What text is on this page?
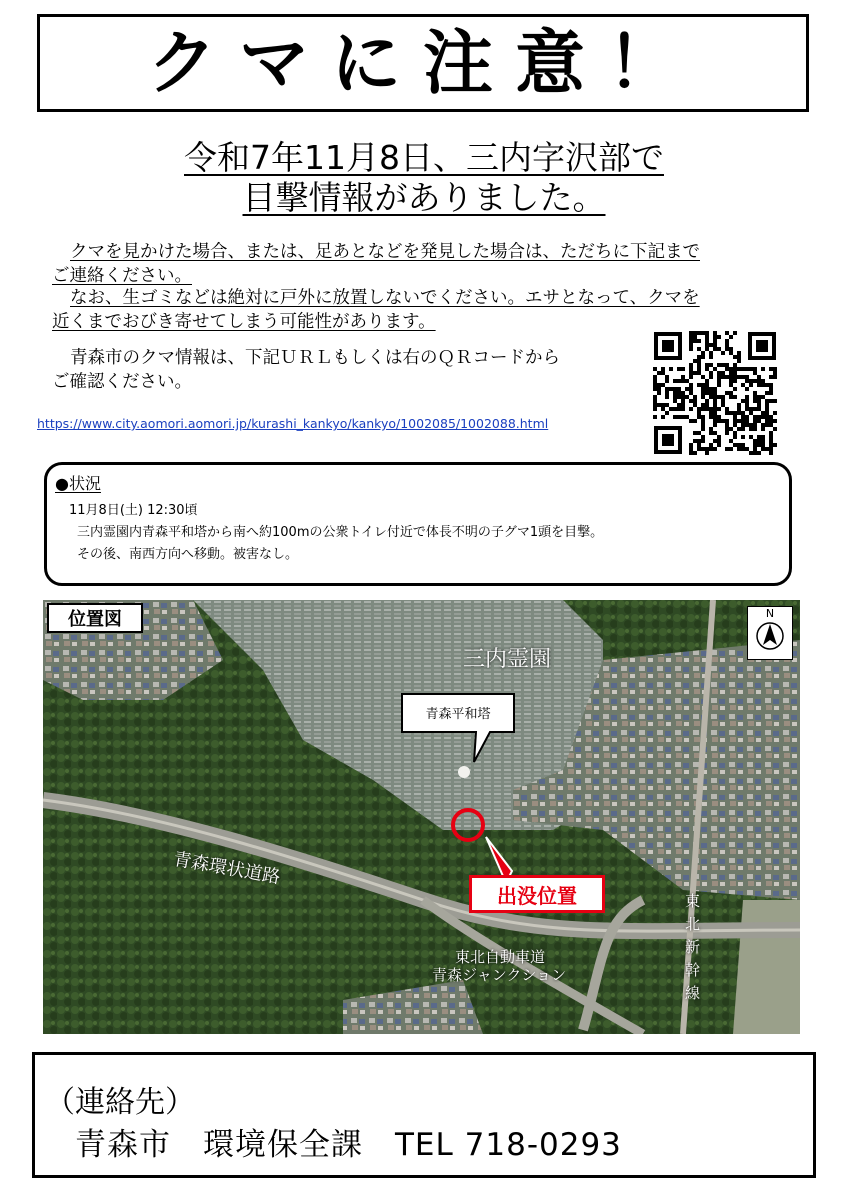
クマに注意！
令和7年11月8日、三内字沢部で
目撃情報がありました。
クマを見かけた場合、または、足あとなどを発見した場合は、ただちに下記まで
ご連絡ください。
なお、生ゴミなどは絶対に戸外に放置しないでください。エサとなって、クマを
近くまでおびき寄せてしまう可能性があります。
青森市のクマ情報は、下記ＵＲＬもしくは右のＱＲコードから
ご確認ください。
https://www.city.aomori.aomori.jp/kurashi_kankyo/kankyo/1002085/1002088.html
●状況
11月8日(土) 12:30頃
三内霊園内青森平和塔から南へ約100mの公衆トイレ付近で体長不明の子グマ1頭を目撃。
その後、南西方向へ移動。被害なし。
位置図	N
三内霊園
青森平和塔
出没位置
青森環状道路
東北自動車道
青森ジャンクション
東北新幹線
（連絡先）
青森市　環境保全課　TEL 718-0293
